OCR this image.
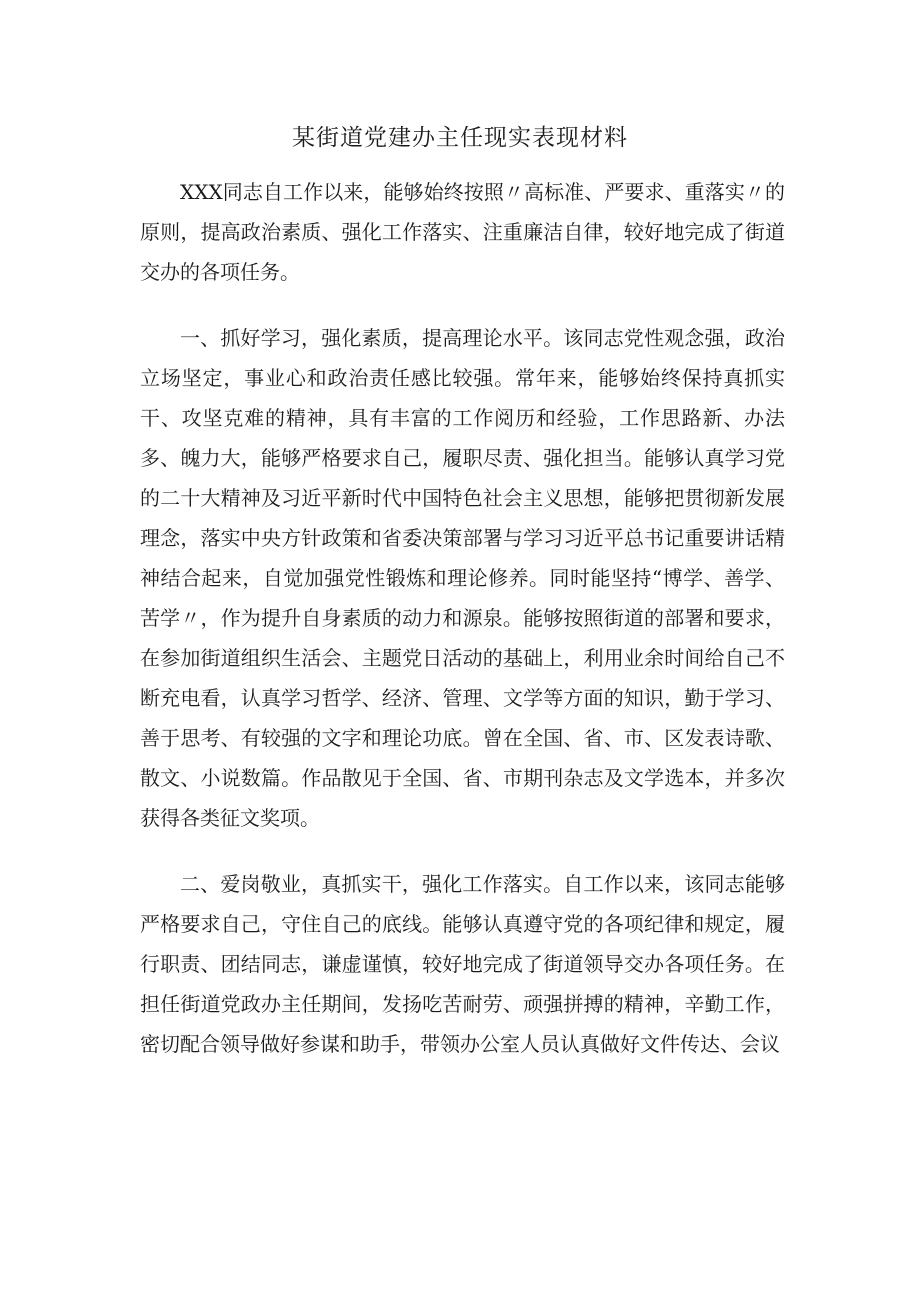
某街道党建办主任现实表现材料

XXX同志自工作以来，能够始终按照〃高标准、严要求、重落实〃的原则，提高政治素质、强化工作落实、注重廉洁自律，较好地完成了街道交办的各项任务。

一、抓好学习，强化素质，提高理论水平。该同志党性观念强，政治立场坚定，事业心和政治责任感比较强。常年来，能够始终保持真抓实干、攻坚克难的精神，具有丰富的工作阅历和经验，工作思路新、办法多、魄力大，能够严格要求自己，履职尽责、强化担当。能够认真学习党的二十大精神及习近平新时代中国特色社会主义思想，能够把贯彻新发展理念，落实中央方针政策和省委决策部署与学习习近平总书记重要讲话精神结合起来，自觉加强党性锻炼和理论修养。同时能坚持“博学、善学、苦学〃，作为提升自身素质的动力和源泉。能够按照街道的部署和要求，在参加街道组织生活会、主题党日活动的基础上，利用业余时间给自己不断充电看，认真学习哲学、经济、管理、文学等方面的知识，勤于学习、善于思考、有较强的文字和理论功底。曾在全国、省、市、区发表诗歌、散文、小说数篇。作品散见于全国、省、市期刊杂志及文学选本，并多次获得各类征文奖项。

二、爱岗敬业，真抓实干，强化工作落实。自工作以来，该同志能够严格要求自己，守住自己的底线。能够认真遵守党的各项纪律和规定，履行职责、团结同志，谦虚谨慎，较好地完成了街道领导交办各项任务。在担任街道党政办主任期间，发扬吃苦耐劳、顽强拼搏的精神，辛勤工作，密切配合领导做好参谋和助手，带领办公室人员认真做好文件传达、会议
